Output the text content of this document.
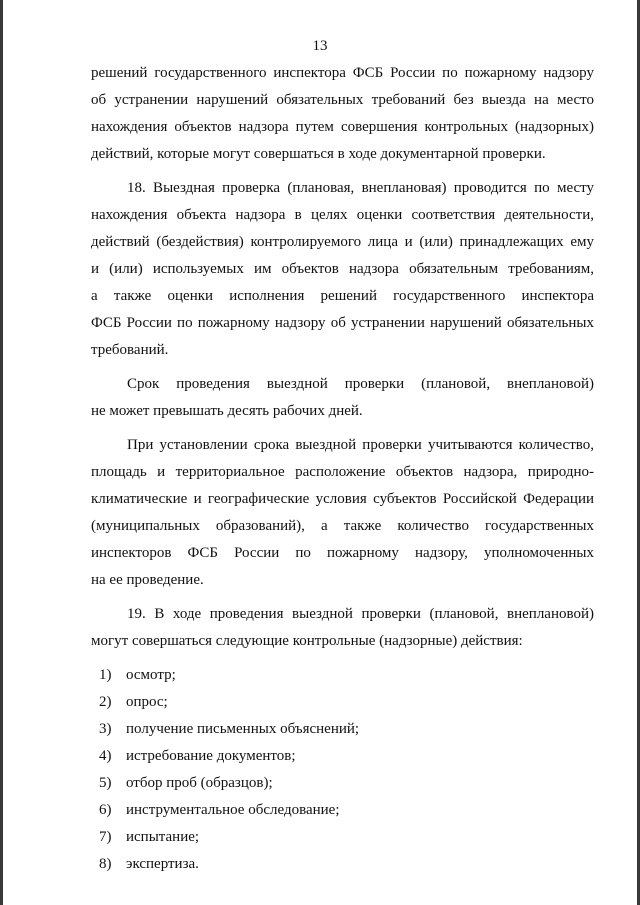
13
решений государственного инспектора ФСБ России по пожарному надзору
об устранении нарушений обязательных требований без выезда на место
нахождения объектов надзора путем совершения контрольных (надзорных)
действий, которые могут совершаться в ходе документарной проверки.
18. Выездная проверка (плановая, внеплановая) проводится по месту
нахождения объекта надзора в целях оценки соответствия деятельности,
действий (бездействия) контролируемого лица и (или) принадлежащих ему
и (или) используемых им объектов надзора обязательным требованиям,
а также оценки исполнения решений государственного инспектора
ФСБ России по пожарному надзору об устранении нарушений обязательных
требований.
Срок проведения выездной проверки (плановой, внеплановой)
не может превышать десять рабочих дней.
При установлении срока выездной проверки учитываются количество,
площадь и территориальное расположение объектов надзора, природно-
климатические и географические условия субъектов Российской Федерации
(муниципальных образований), а также количество государственных
инспекторов ФСБ России по пожарному надзору, уполномоченных
на ее проведение.
19. В ходе проведения выездной проверки (плановой, внеплановой)
могут совершаться следующие контрольные (надзорные) действия:
1) осмотр;
2) опрос;
3) получение письменных объяснений;
4) истребование документов;
5) отбор проб (образцов);
6) инструментальное обследование;
7) испытание;
8) экспертиза.
